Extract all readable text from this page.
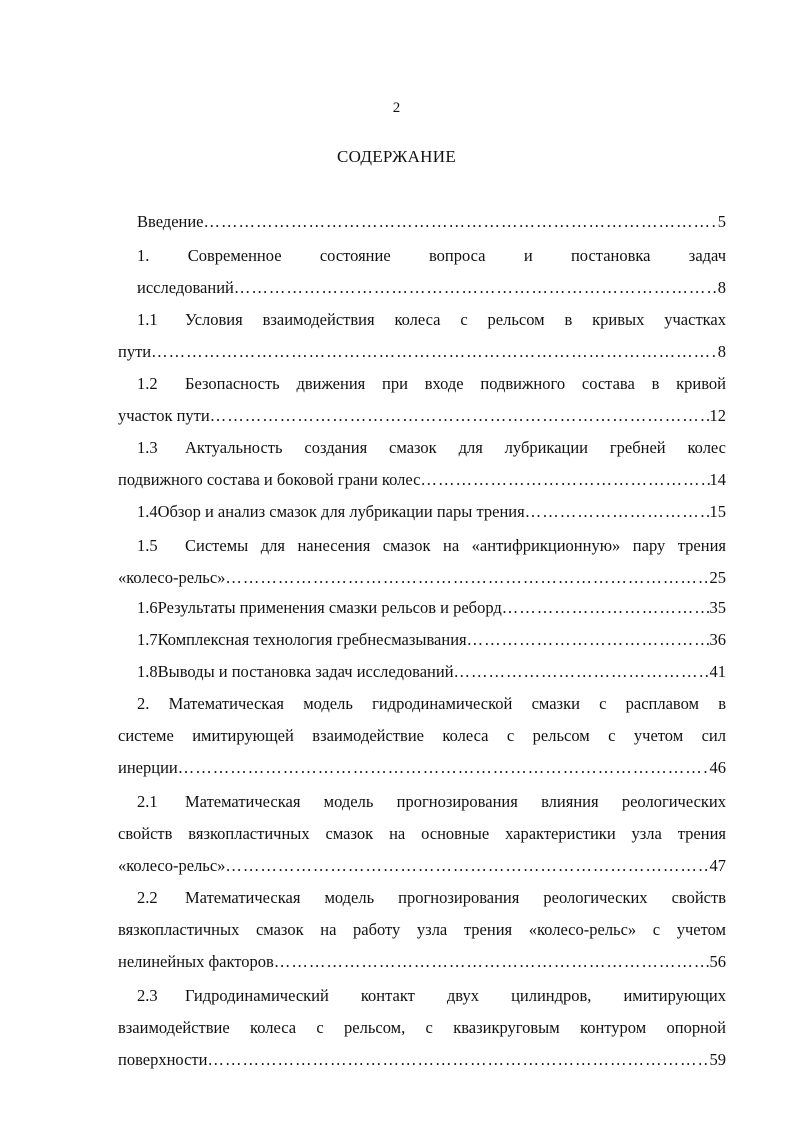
2
СОДЕРЖАНИЕ
Введение ……………………………………………………………………………………………………………………………………………………	5
1. Современное состояние вопроса и постановка задач
исследований ……………………………………………………………………………………………………………………………………………………	8
1.1 Условия взаимодействия колеса с рельсом в кривых участках
пути ……………………………………………………………………………………………………………………………………………………	8
1.2 Безопасность движения при входе подвижного состава в кривой
участок пути ……………………………………………………………………………………………………………………………………………………	12
1.3 Актуальность создания смазок для лубрикации гребней колес
подвижного состава и боковой грани колес ……………………………………………………………………………………………………………………………………………………	14
1.4 Обзор и анализ смазок для лубрикации пары трения ……………………………………………………………………………………………………………………………………………………	15
1.5 Системы для нанесения смазок на «антифрикционную» пару трения
«колесо-рельс» ……………………………………………………………………………………………………………………………………………………	25
1.6 Результаты применения смазки рельсов и реборд ……………………………………………………………………………………………………………………………………………………	35
1.7 Комплексная технология гребнесмазывания ……………………………………………………………………………………………………………………………………………………	36
1.8 Выводы и постановка задач исследований ……………………………………………………………………………………………………………………………………………………	41
2. Математическая модель гидродинамической смазки с расплавом в
системе имитирующей взаимодействие колеса с рельсом с учетом сил
инерции ……………………………………………………………………………………………………………………………………………………	46
2.1 Математическая модель прогнозирования влияния реологических
свойств вязкопластичных смазок на основные характеристики узла трения
«колесо-рельс» ……………………………………………………………………………………………………………………………………………………	47
2.2 Математическая модель прогнозирования реологических свойств
вязкопластичных смазок на работу узла трения «колесо-рельс» с учетом
нелинейных факторов ……………………………………………………………………………………………………………………………………………………	56
2.3 Гидродинамический контакт двух цилиндров, имитирующих
взаимодействие колеса с рельсом, с квазикруговым контуром опорной
поверхности ……………………………………………………………………………………………………………………………………………………	59
